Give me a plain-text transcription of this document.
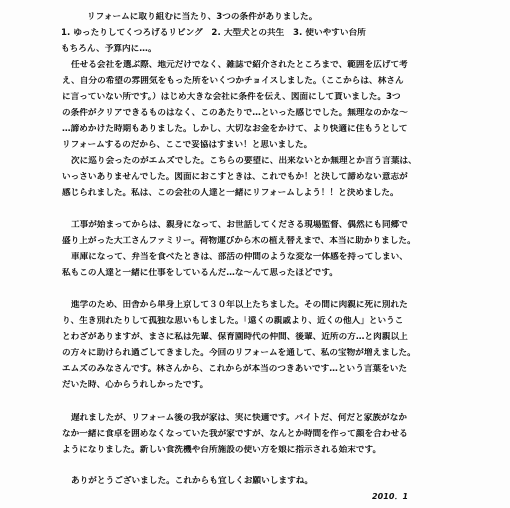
リフォームに取り組むに当たり、3つの条件がありました。
1. ゆったりしてくつろげるリビング　2. 大型犬との共生　3. 使いやすい台所
もちろん、予算内に…。
任せる会社を選ぶ際、地元だけでなく、雑誌で紹介されたところまで、範囲を広げて考
え、自分の希望の雰囲気をもった所をいくつかチョイスしました。（ここからは、林さん
に言っていない所です。）はじめ大きな会社に条件を伝え、図面にして貰いました。3つ
の条件がクリアできるものはなく、このあたりで…といった感じでした。無理なのかな～
…諦めかけた時期もありました。しかし、大切なお金をかけて、より快適に住もうとして
リフォームするのだから、ここで妥協はすまい！と思いました。
次に巡り会ったのがエムズでした。こちらの要望に、出来ないとか無理とか言う言葉は、
いっさいありませんでした。図面におこすときは、これでもか！と決して諦めない意志が
感じられました。私は、この会社の人達と一緒にリフォームしよう！！と決めました。
工事が始まってからは、親身になって、お世話してくださる現場監督、偶然にも同郷で
盛り上がった大工さんファミリー。荷物運びから木の植え替えまで、本当に助かりました。
車庫になって、弁当を食べたときは、部活の仲間のような変な一体感を持ってしまい、
私もこの人達と一緒に仕事をしているんだ…な～んて思ったほどです。
進学のため、田舎から単身上京して３０年以上たちました。その間に肉親に死に別れた
り、生き別れたりして孤独な思いもしました。「遠くの親戚より、近くの他人」というこ
とわざがありますが、まさに私は先輩、保育園時代の仲間、後輩、近所の方…と肉親以上
の方々に助けられ過ごしてきました。今回のリフォームを通して、私の宝物が増えました。
エムズのみなさんです。林さんから、これからが本当のつきあいです…という言葉をいた
だいた時、心からうれしかったです。
遅れましたが、リフォーム後の我が家は、実に快適です。バイトだ、何だと家族がなか
なか一緒に食卓を囲めなくなっていた我が家ですが、なんとか時間を作って顔を合わせる
ようになりました。新しい食洗機や台所施設の使い方を娘に指示される始末です。
ありがとうございました。これからも宜しくお願いしますね。
2010．1
